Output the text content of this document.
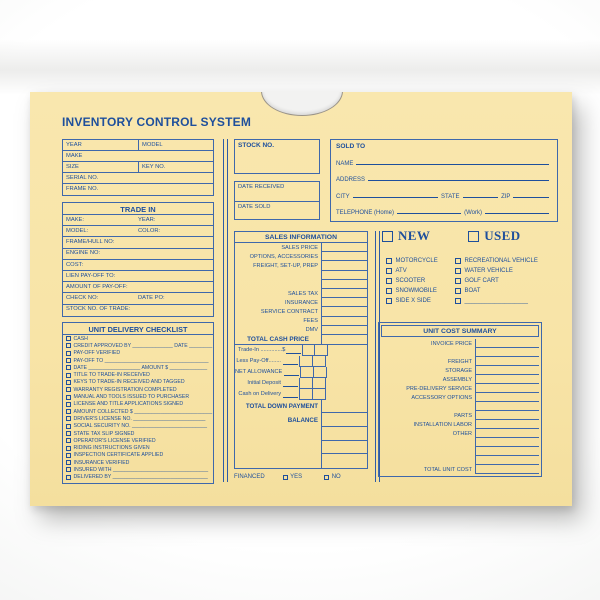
INVENTORY CONTROL SYSTEM
YEAR	MODEL
MAKE
SIZE	KEY NO.
SERIAL NO.
FRAME NO.
TRADE IN
MAKE:	YEAR:
MODEL:	COLOR:
FRAME/HULL NO:
ENGINE NO:
COST:
LIEN PAY-OFF TO:
AMOUNT OF PAY-OFF:
CHECK NO:	DATE PO:
STOCK NO. OF TRADE:
UNIT DELIVERY CHECKLIST
CASH
CREDIT APPROVED BY ______________ DATE ________
PAY-OFF VERIFIED
PAY-OFF TO ____________________________________
DATE __________________ AMOUNT $ _____________
TITLE TO TRADE-IN RECEIVED
KEYS TO TRADE-IN RECEIVED AND TAGGED
WARRANTY REGISTRATION COMPLETED
MANUAL AND TOOLS ISSUED TO PURCHASER
LICENSE AND TITLE APPLICATIONS SIGNED
AMOUNT COLLECTED $ ___________________________
DRIVER'S LICENSE NO. _________________________
SOCIAL SECURITY NO. __________________________
STATE TAX SLIP SIGNED
OPERATOR'S LICENSE VERIFIED
RIDING INSTRUCTIONS GIVEN
INSPECTION CERTIFICATE APPLIED
INSURANCE VERIFIED
INSURED WITH _________________________________
DELIVERED BY _________________________________
STOCK NO.
DATE RECEIVED
DATE SOLD
SALES INFORMATION
SALES PRICE
OPTIONS, ACCESSORIES
FREIGHT, SET-UP, PREP
SALES TAX
INSURANCE
SERVICE CONTRACT
FEES
DMV
TOTAL CASH PRICE
Trade-In .............. $
Less Pay-Off........
NET ALLOWANCE
Initial Deposit
Cash on Delivery
TOTAL DOWN PAYMENT
BALANCE
FINANCED	YES	NO
SOLD TO
NAME
ADDRESS
CITY	STATE	ZIP
TELEPHONE
(Home)	(Work)
NEW	USED
MOTORCYCLE
ATV
SCOOTER
SNOWMOBILE
SIDE X SIDE
RECREATIONAL VEHICLE
WATER VEHICLE
GOLF CART
BOAT
___________________
UNIT COST SUMMARY
INVOICE PRICE
FREIGHT
STORAGE
ASSEMBLY
PRE-DELIVERY SERVICE
ACCESSORY OPTIONS
PARTS
INSTALLATION LABOR
OTHER
TOTAL UNIT COST
